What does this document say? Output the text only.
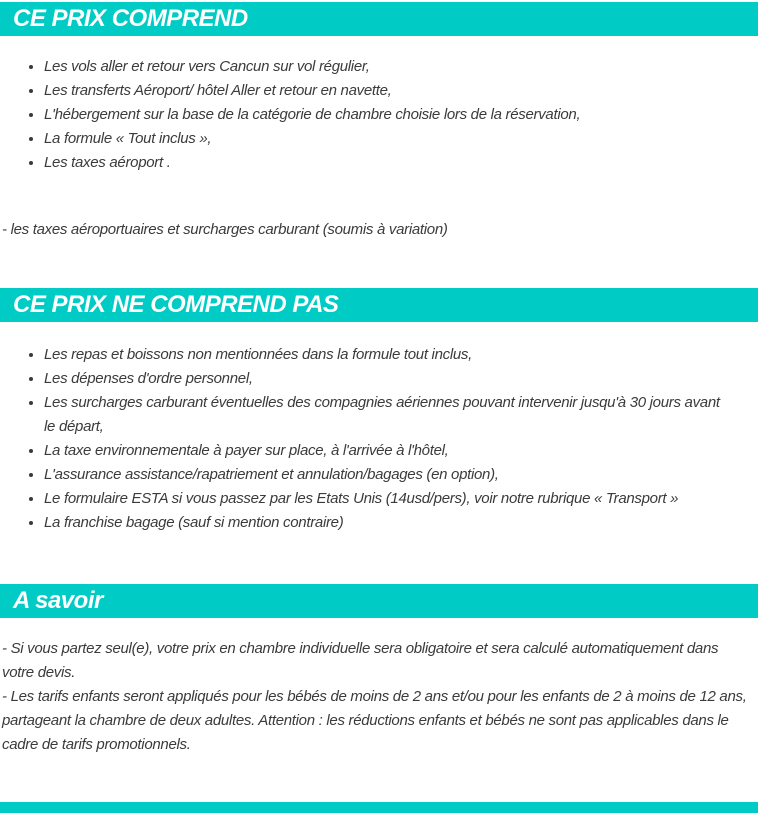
CE PRIX COMPREND
• Les vols aller et retour vers Cancun sur vol régulier,
• Les transferts Aéroport/ hôtel Aller et retour en navette,
• L'hébergement sur la base de la catégorie de chambre choisie lors de la réservation,
• La formule « Tout inclus »,
• Les taxes aéroport .
- les taxes aéroportuaires et surcharges carburant (soumis à variation)
CE PRIX NE COMPREND PAS
• Les repas et boissons non mentionnées dans la formule tout inclus,
• Les dépenses d'ordre personnel,
• Les surcharges carburant éventuelles des compagnies aériennes pouvant intervenir jusqu'à 30 jours avant le départ,
• La taxe environnementale à payer sur place, à l'arrivée à l'hôtel,
• L'assurance assistance/rapatriement et annulation/bagages (en option),
• Le formulaire ESTA si vous passez par les Etats Unis (14usd/pers), voir notre rubrique « Transport »
• La franchise bagage (sauf si mention contraire)
A savoir

- Si vous partez seul(e), votre prix en chambre individuelle sera obligatoire et sera calculé automatiquement dans votre devis.

- Les tarifs enfants seront appliqués pour les bébés de moins de 2 ans et/ou pour les enfants de 2 à moins de 12 ans, partageant la chambre de deux adultes. Attention : les réductions enfants et bébés ne sont pas applicables dans le cadre de tarifs promotionnels.
